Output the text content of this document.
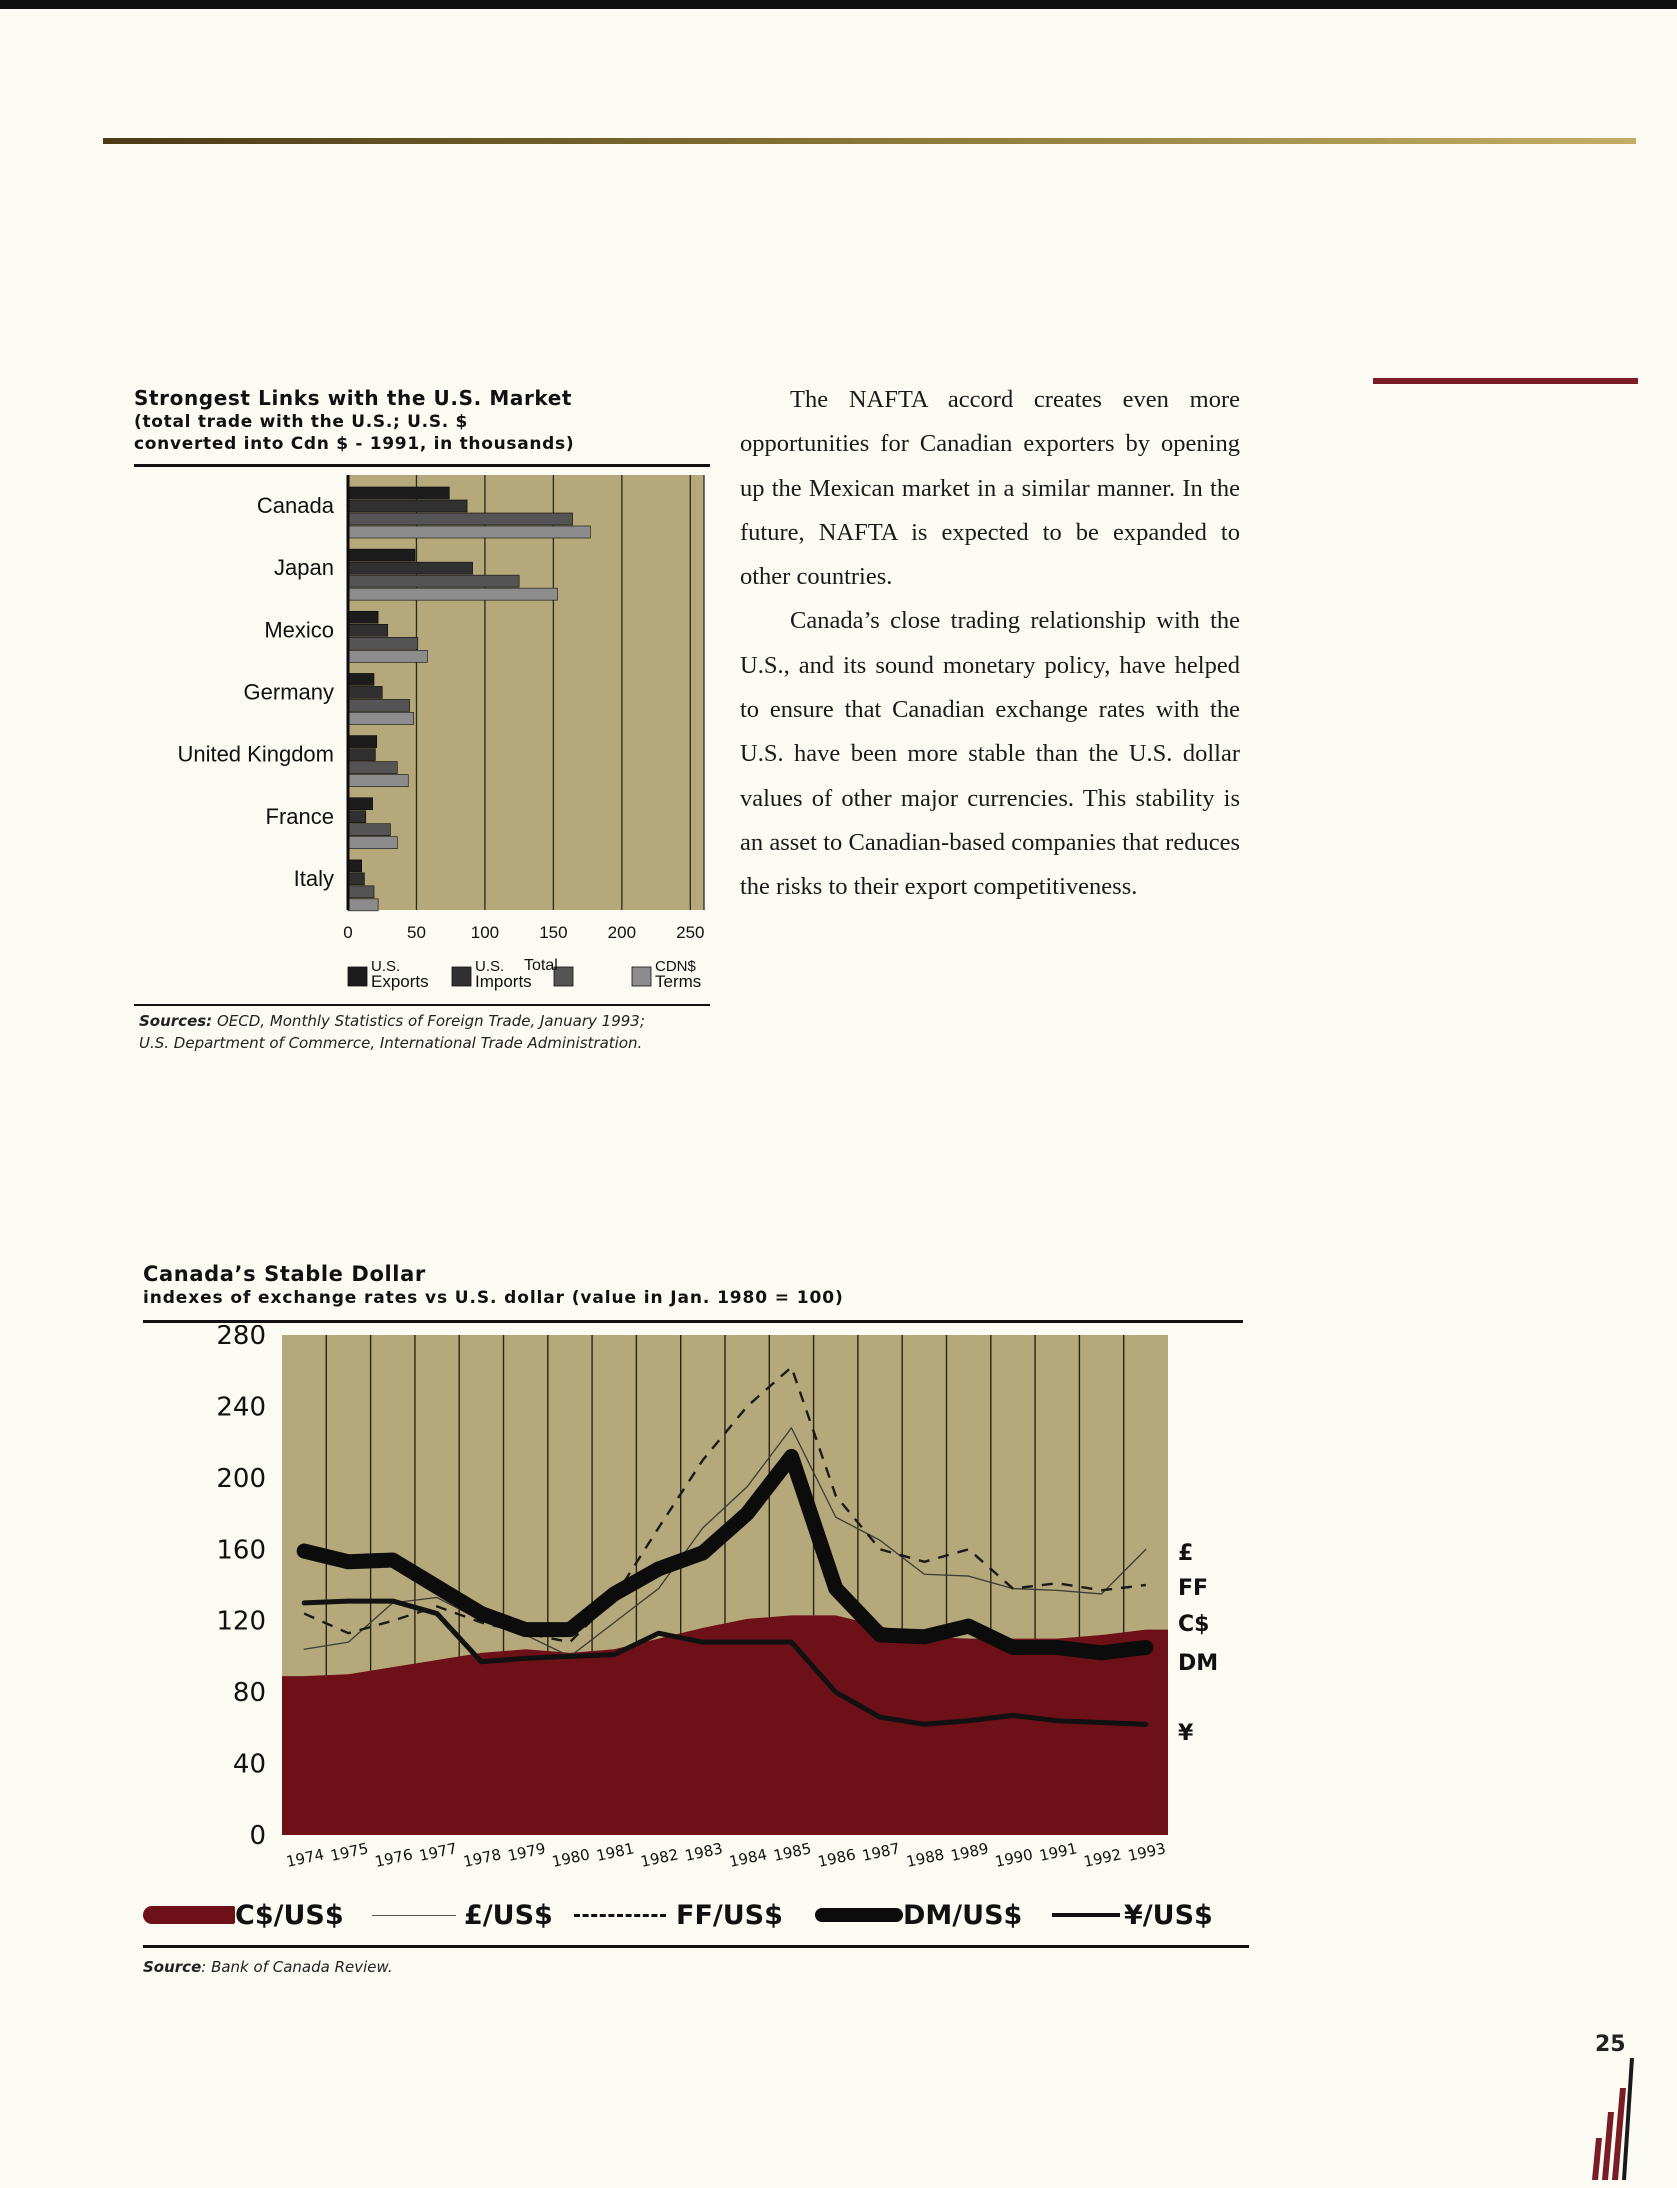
Strongest Links with the U.S. Market
(total trade with the U.S.; U.S. $
converted into Cdn $ - 1991, in thousands)
0	50	100 150 200 250
Canada
Japan
Mexico
Germany
United Kingdom
France
Italy
U.S.
Exports
U.S.
Imports
Total	CDN$
Terms
Sources: OECD, Monthly Statistics of Foreign Trade, January 1993;
U.S. Department of Commerce, International Trade Administration.

The NAFTA accord creates even more opportunities for Canadian exporters by opening up the Mexican market in a similar manner. In the future, NAFTA is expected to be expanded to other countries.

Canada’s close trading relationship with the U.S., and its sound monetary policy, have helped to ensure that Canadian exchange rates with the U.S. have been more stable than the U.S. dollar values of other major currencies. This stability is an asset to Canadian-based companies that reduces the risks to their export competitiveness.

Canada’s Stable Dollar
indexes of exchange rates vs U.S. dollar (value in Jan. 1980 = 100)
0
40
80
120
160
200
240
280
1974 1975 1976 1977 1978 1979 1980 1981 1982 1983 1984 1985 1986 1987 1988 1989 1990 1991 1992 1993
£
FF
C$
DM
¥
C$/US$	£/US$	FF/US$	DM/US$	¥/US$
Source: Bank of Canada Review.
25
